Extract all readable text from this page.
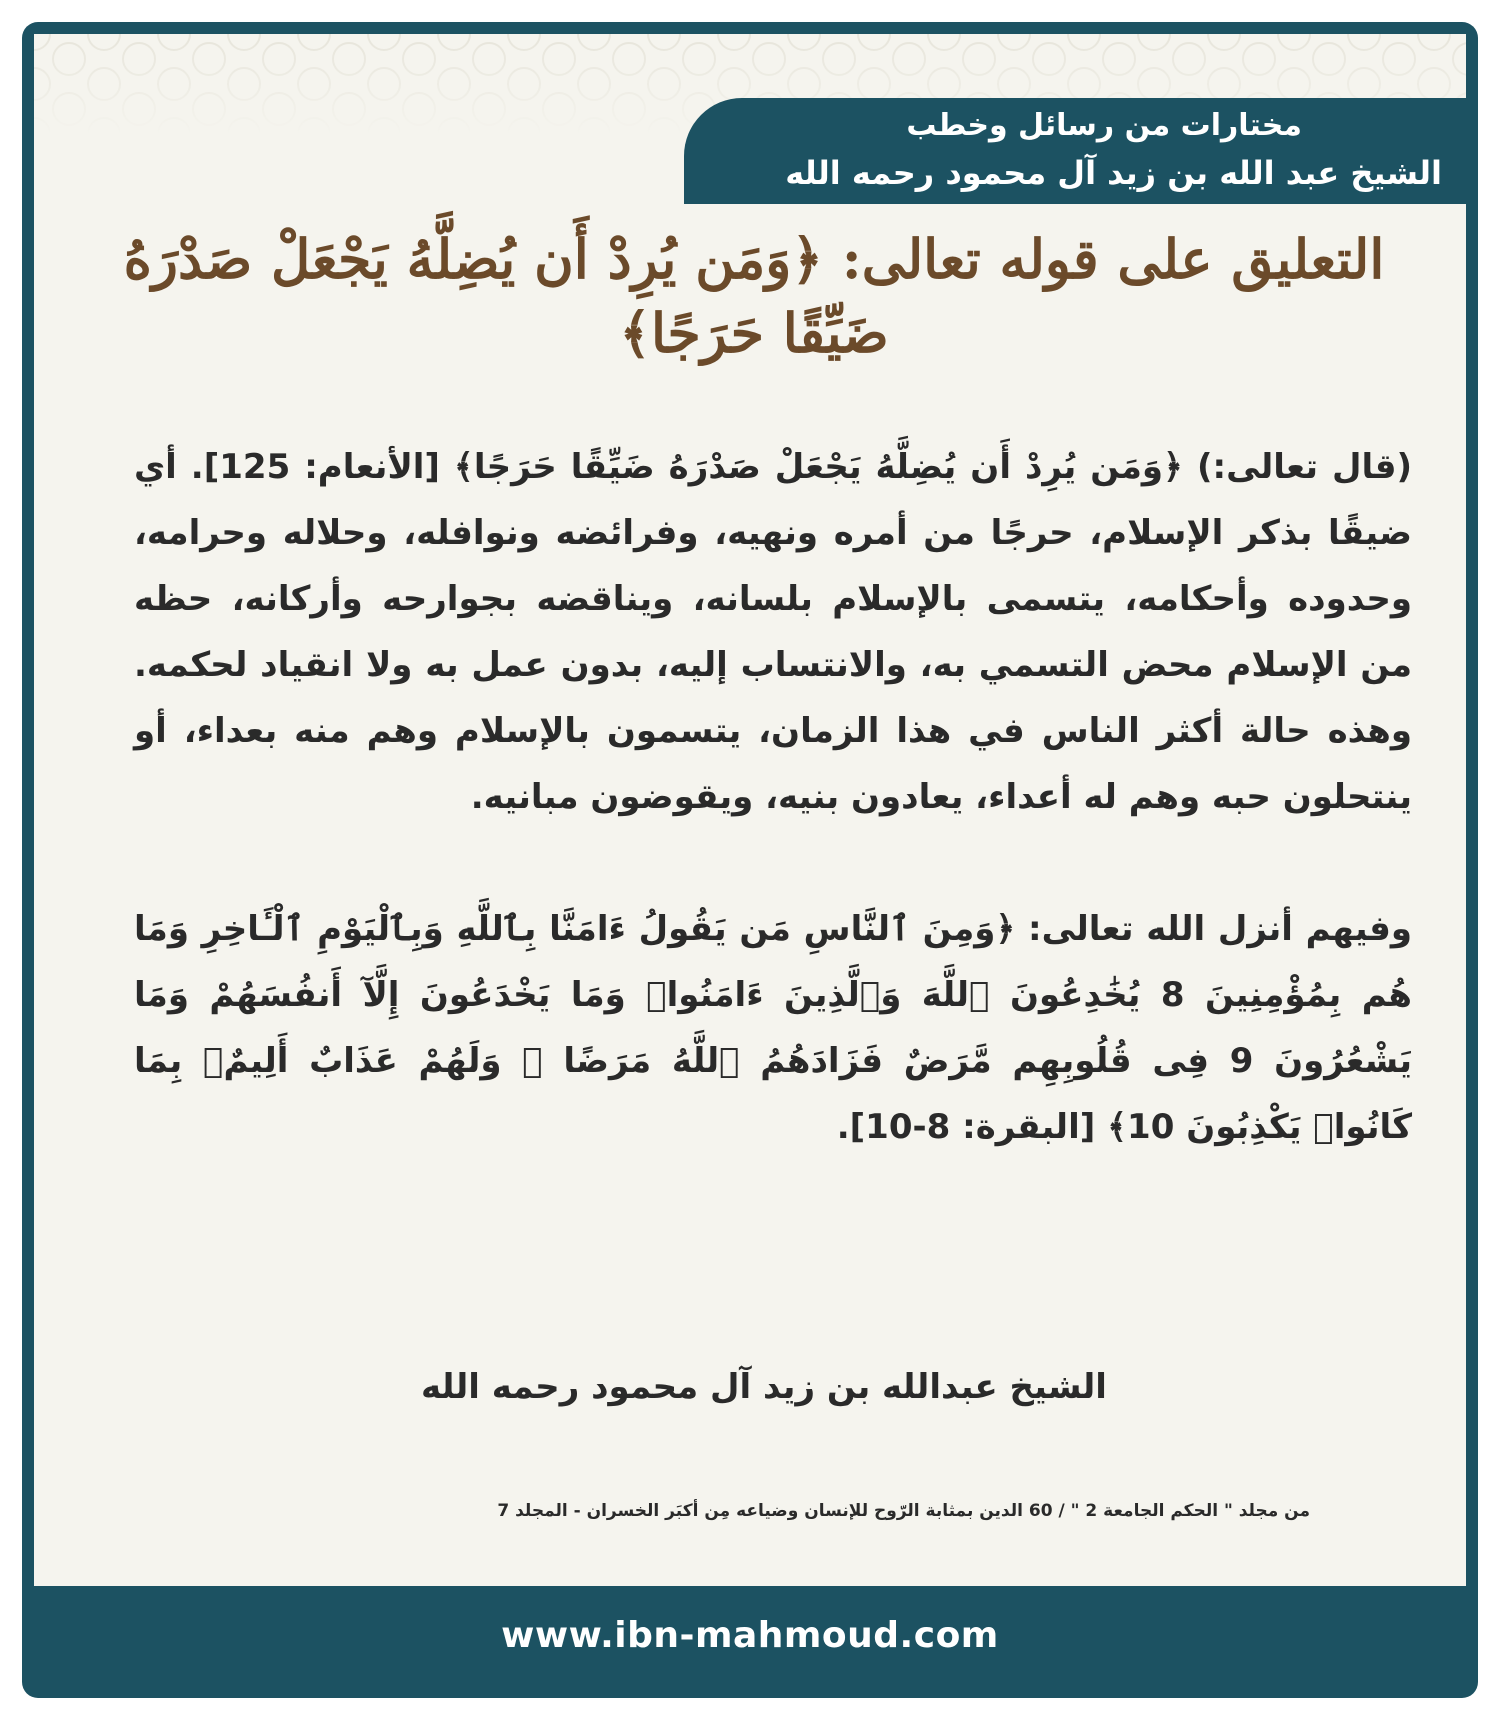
مختارات من رسائل وخطب
الشيخ عبد الله بن زيد آل محمود رحمه الله
التعليق على قوله تعالى: ﴿وَمَن يُرِدْ أَن يُضِلَّهُ يَجْعَلْ صَدْرَهُ ضَيِّقًا حَرَجًا﴾

(قال تعالى:) ﴿وَمَن يُرِدْ أَن يُضِلَّهُ يَجْعَلْ صَدْرَهُ ضَيِّقًا حَرَجًا﴾ [الأنعام: 125]. أي ضيقًا بذكر الإسلام، حرجًا من أمره ونهيه، وفرائضه ونوافله، وحلاله وحرامه، وحدوده وأحكامه، يتسمى بالإسلام بلسانه، ويناقضه بجوارحه وأركانه، حظه من الإسلام محض التسمي به، والانتساب إليه، بدون عمل به ولا انقياد لحكمه. وهذه حالة أكثر الناس في هذا الزمان، يتسمون بالإسلام وهم منه بعداء، أو ينتحلون حبه وهم له أعداء، يعادون بنيه، ويقوضون مبانيه.

وفيهم أنزل الله تعالى: ﴿وَمِنَ ٱلنَّاسِ مَن يَقُولُ ءَامَنَّا بِٱللَّهِ وَبِٱلْيَوْمِ ٱلْـَٔاخِرِ وَمَا هُم بِمُؤْمِنِينَ 8 يُخَٰدِعُونَ ٱللَّهَ وَٱلَّذِينَ ءَامَنُوا۟ وَمَا يَخْدَعُونَ إِلَّآ أَنفُسَهُمْ وَمَا يَشْعُرُونَ 9 فِى قُلُوبِهِم مَّرَضٌ فَزَادَهُمُ ٱللَّهُ مَرَضًا ۖ وَلَهُمْ عَذَابٌ أَلِيمٌۢ بِمَا كَانُوا۟ يَكْذِبُونَ 10﴾ [البقرة: 8-10].

الشيخ عبدالله بن زيد آل محمود رحمه الله
من مجلد " الحكم الجامعة 2 " / 60 الدين بمثابة الرّوح للإنسان وضياعه مِن أكبَر الخسران - المجلد 7
www.ibn-mahmoud.com
